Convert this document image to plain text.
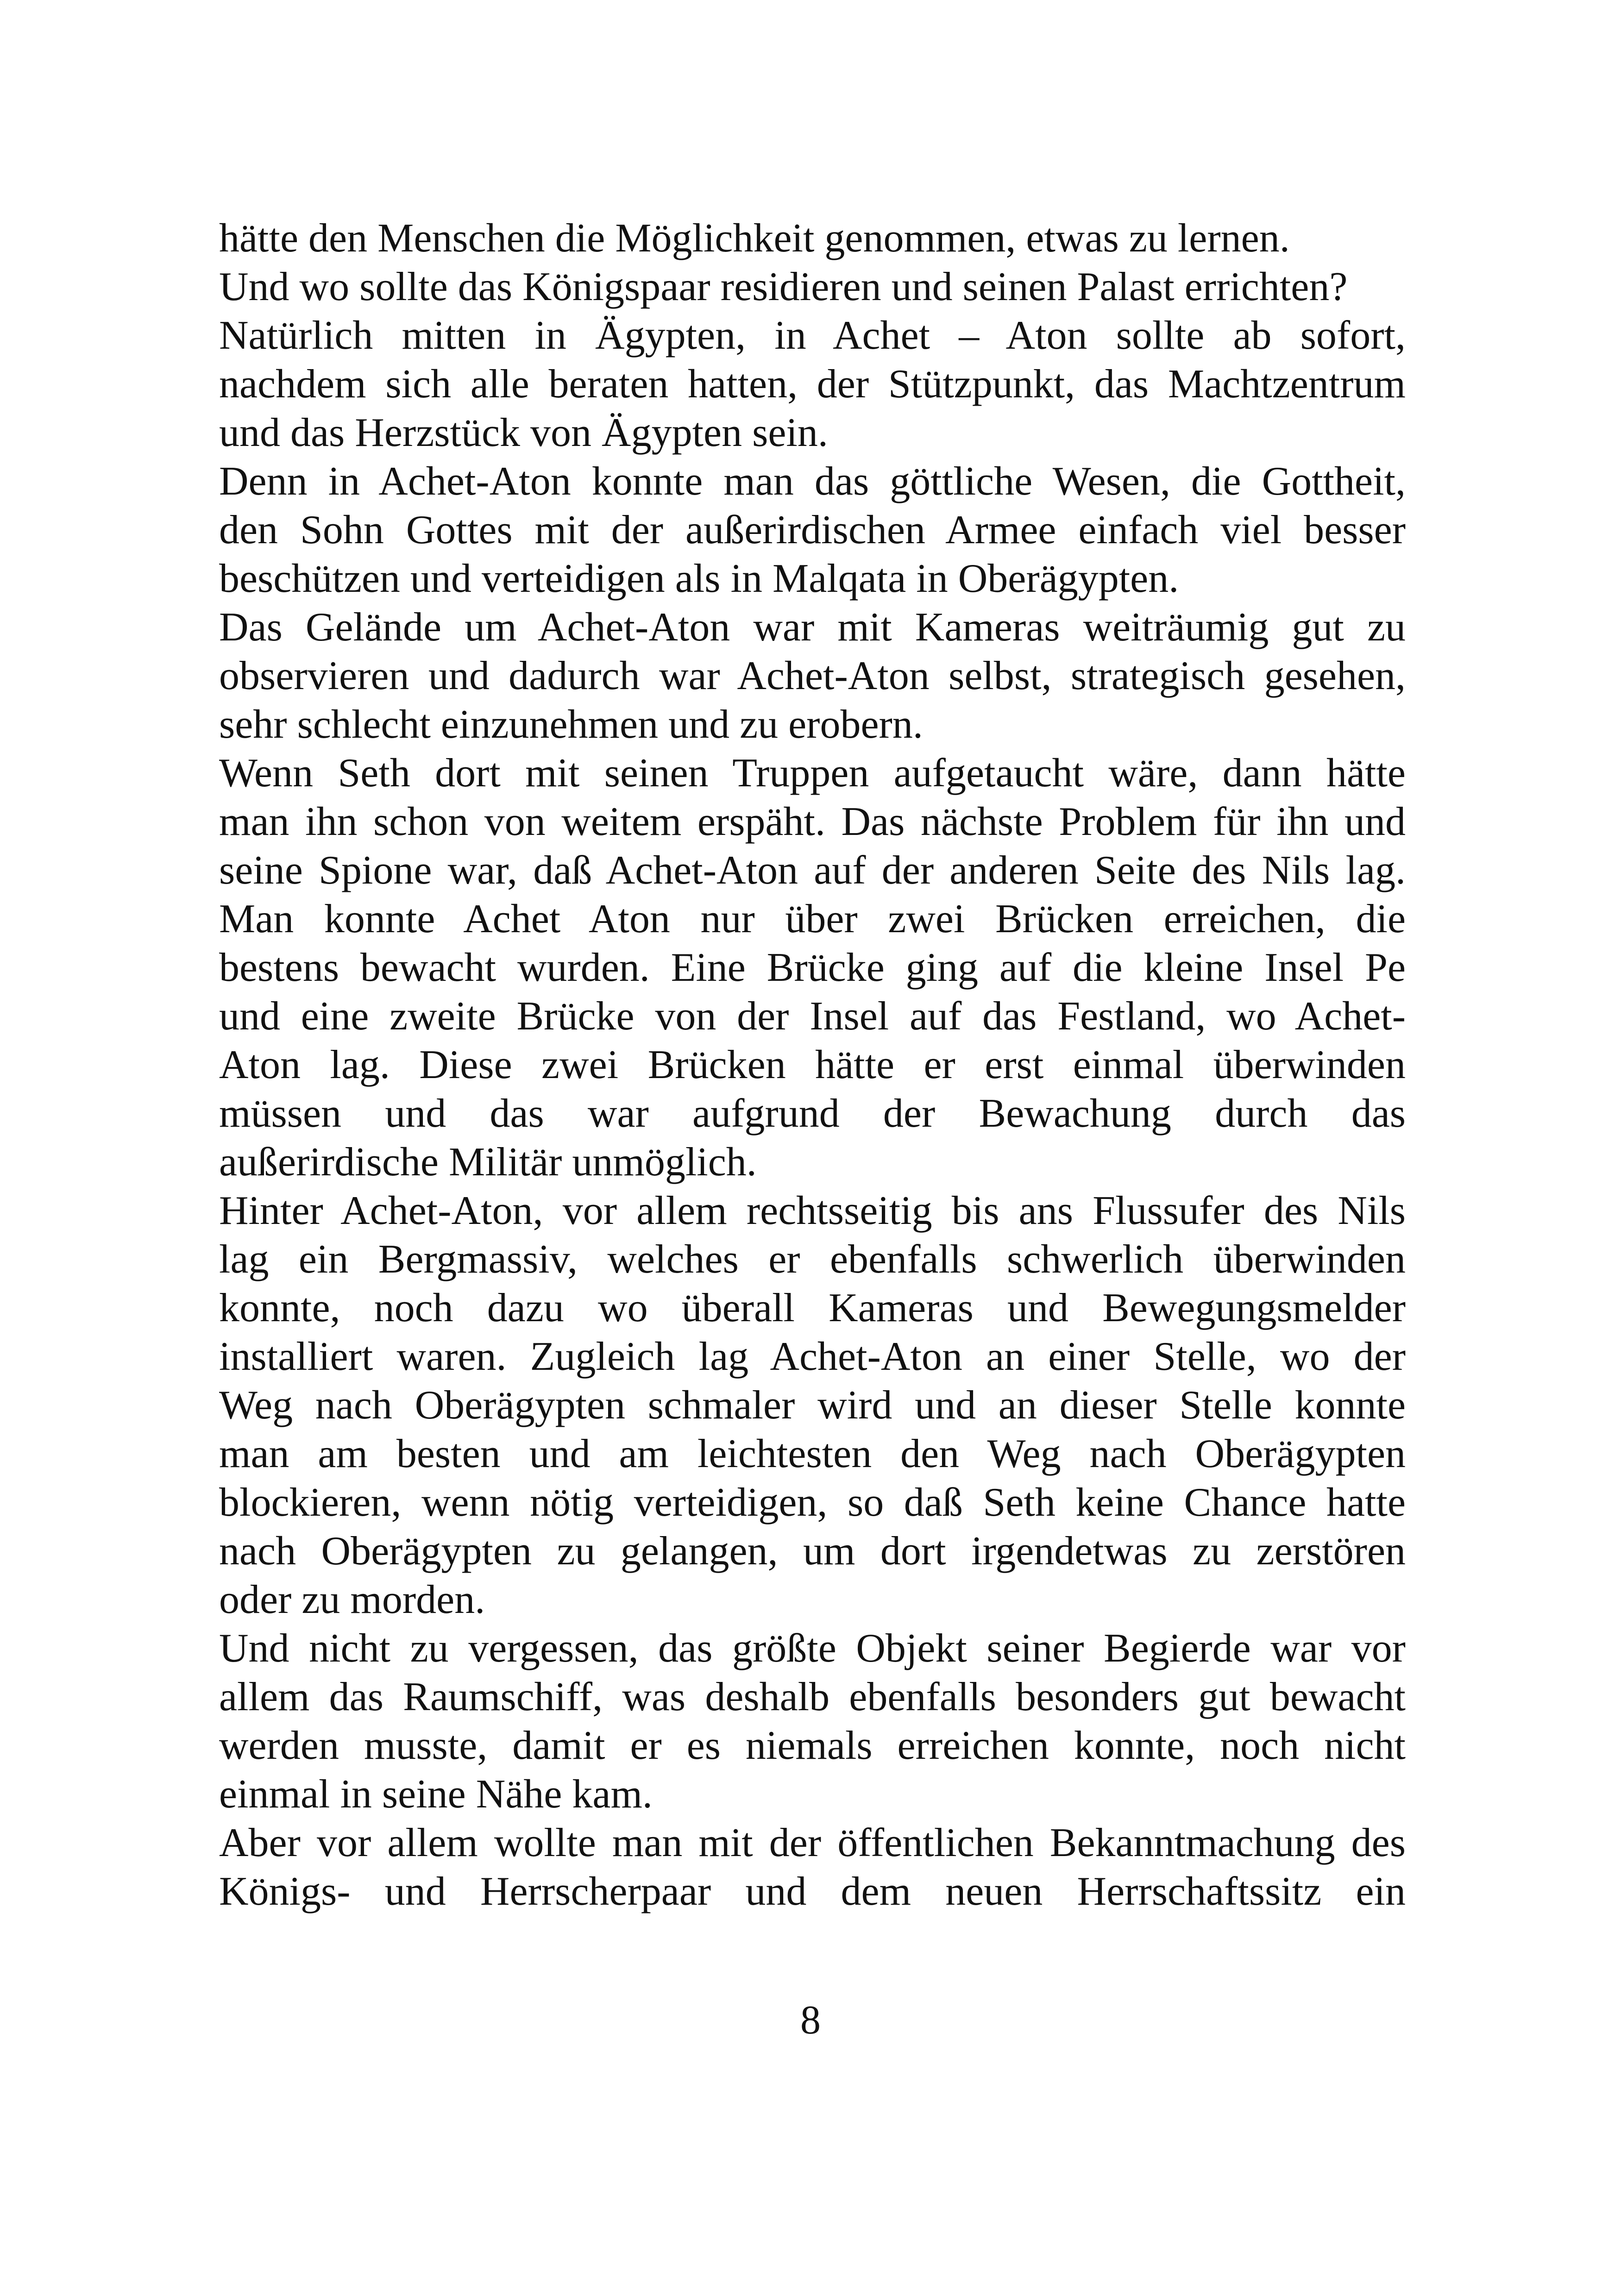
hätte den Menschen die Möglichkeit genommen, etwas zu lernen.
Und wo sollte das Königspaar residieren und seinen Palast errichten?
Natürlich mitten in Ägypten, in Achet – Aton sollte ab sofort,
nachdem sich alle beraten hatten, der Stützpunkt, das Machtzentrum
und das Herzstück von Ägypten sein.
Denn in Achet-Aton konnte man das göttliche Wesen, die Gottheit,
den Sohn Gottes mit der außerirdischen Armee einfach viel besser
beschützen und verteidigen als in Malqata in Oberägypten.
Das Gelände um Achet-Aton war mit Kameras weiträumig gut zu
observieren und dadurch war Achet-Aton selbst, strategisch gesehen,
sehr schlecht einzunehmen und zu erobern.
Wenn Seth dort mit seinen Truppen aufgetaucht wäre, dann hätte
man ihn schon von weitem erspäht. Das nächste Problem für ihn und
seine Spione war, daß Achet-Aton auf der anderen Seite des Nils lag.
Man konnte Achet Aton nur über zwei Brücken erreichen, die
bestens bewacht wurden. Eine Brücke ging auf die kleine Insel Pe
und eine zweite Brücke von der Insel auf das Festland, wo Achet-
Aton lag. Diese zwei Brücken hätte er erst einmal überwinden
müssen und das war aufgrund der Bewachung durch das
außerirdische Militär unmöglich.
Hinter Achet-Aton, vor allem rechtsseitig bis ans Flussufer des Nils
lag ein Bergmassiv, welches er ebenfalls schwerlich überwinden
konnte, noch dazu wo überall Kameras und Bewegungsmelder
installiert waren. Zugleich lag Achet-Aton an einer Stelle, wo der
Weg nach Oberägypten schmaler wird und an dieser Stelle konnte
man am besten und am leichtesten den Weg nach Oberägypten
blockieren, wenn nötig verteidigen, so daß Seth keine Chance hatte
nach Oberägypten zu gelangen, um dort irgendetwas zu zerstören
oder zu morden.
Und nicht zu vergessen, das größte Objekt seiner Begierde war vor
allem das Raumschiff, was deshalb ebenfalls besonders gut bewacht
werden musste, damit er es niemals erreichen konnte, noch nicht
einmal in seine Nähe kam.
Aber vor allem wollte man mit der öffentlichen Bekanntmachung des
Königs- und Herrscherpaar und dem neuen Herrschaftssitz ein
8
